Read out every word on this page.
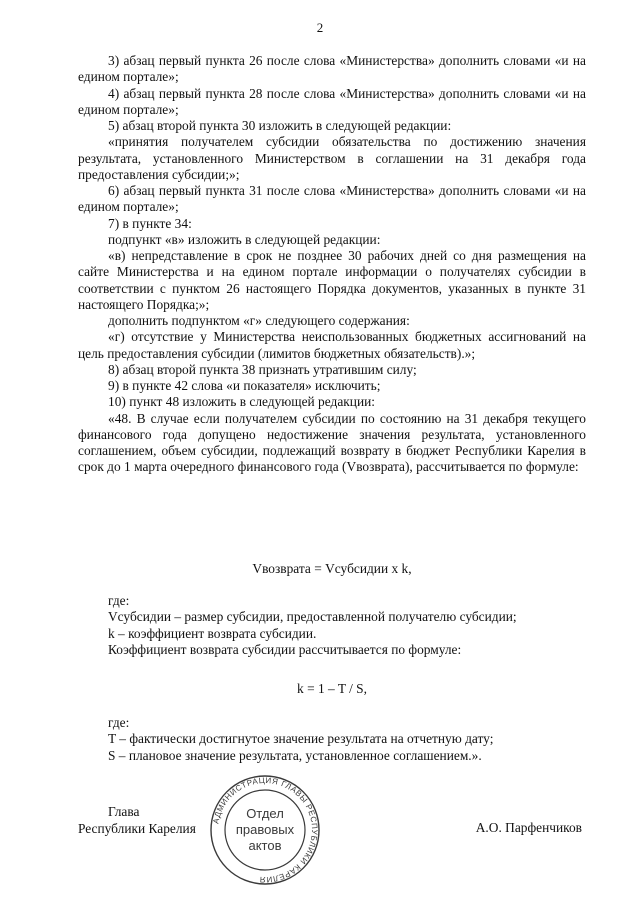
2

3) абзац первый пункта 26 после слова «Министерства» дополнить словами «и на едином портале»;

4) абзац первый пункта 28 после слова «Министерства» дополнить словами «и на едином портале»;

5) абзац второй пункта 30 изложить в следующей редакции:

«принятия получателем субсидии обязательства по достижению значения результата, установленного Министерством в соглашении на 31 декабря года предоставления субсидии;»;

6) абзац первый пункта 31 после слова «Министерства» дополнить словами «и на едином портале»;

7) в пункте 34:

подпункт «в» изложить в следующей редакции:

«в) непредставление в срок не позднее 30 рабочих дней со дня размещения на сайте Министерства и на едином портале информации о получателях субсидии в соответствии с пунктом 26 настоящего Порядка документов, указанных в пункте 31 настоящего Порядка;»;

дополнить подпунктом «г» следующего содержания:

«г) отсутствие у Министерства неиспользованных бюджетных ассигнований на цель предоставления субсидии (лимитов бюджетных обязательств).»;

8) абзац второй пункта 38 признать утратившим силу;

9) в пункте 42 слова «и показателя» исключить;

10) пункт 48 изложить в следующей редакции:

«48. В случае если получателем субсидии по состоянию на 31 декабря текущего финансового года допущено недостижение значения результата, установленного соглашением, объем субсидии, подлежащий возврату в бюджет Республики Карелия в срок до 1 марта очередного финансового года (Vвозврата), рассчитывается по формуле:

Vвозврата = Vсубсидии x k,

где:

Vсубсидии – размер субсидии, предоставленной получателю субсидии;

k – коэффициент возврата субсидии.

Коэффициент возврата субсидии рассчитывается по формуле:

k = 1 – T / S,

где:

T – фактически достигнутое значение результата на отчетную дату;

S – плановое значение результата, установленное соглашением.».

Глава
Республики Карелия	А.О. Парфенчиков
АДМИНИСТРАЦИЯ ГЛАВЫ РЕСПУБЛИКИ КАРЕЛИЯ
Отдел
правовых
актов
